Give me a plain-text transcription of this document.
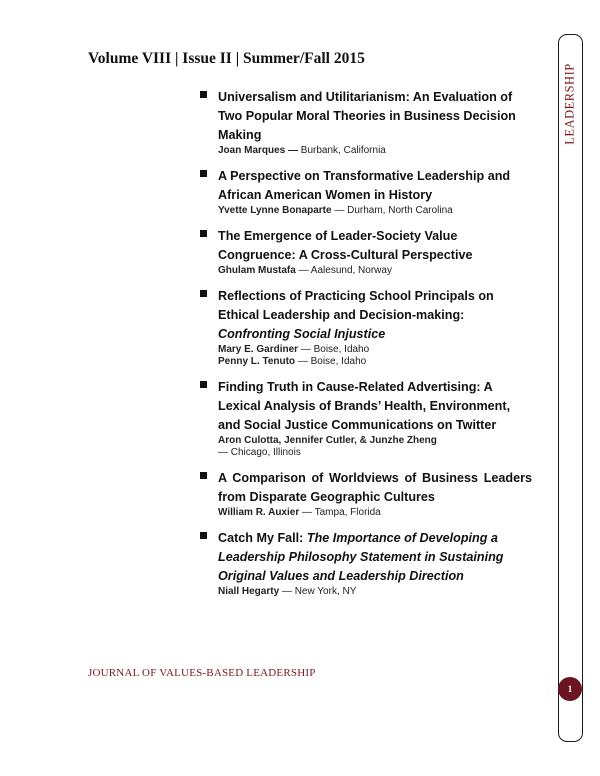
Volume VIII | Issue II | Summer/Fall 2015
Universalism and Utilitarianism: An Evaluation of Two Popular Moral Theories in Business Decision Making
Joan Marques — Burbank, California
A Perspective on Transformative Leadership and African American Women in History
Yvette Lynne Bonaparte — Durham, North Carolina
The Emergence of Leader-Society Value Congruence: A Cross-Cultural Perspective
Ghulam Mustafa — Aalesund, Norway
Reflections of Practicing School Principals on Ethical Leadership and Decision-making:
Confronting Social Injustice
Mary E. Gardiner — Boise, Idaho
Penny L. Tenuto — Boise, Idaho
Finding Truth in Cause-Related Advertising: A Lexical Analysis of Brands’ Health, Environment, and Social Justice Communications on Twitter
Aron Culotta, Jennifer Cutler, & Junzhe Zheng
— Chicago, Illinois
A Comparison of Worldviews of Business Leaders from Disparate Geographic Cultures
William R. Auxier — Tampa, Florida
Catch My Fall: The Importance of Developing a Leadership Philosophy Statement in Sustaining Original Values and Leadership Direction
Niall Hegarty — New York, NY
JOURNAL OF VALUES-BASED LEADERSHIP
LEADERSHIP
1
